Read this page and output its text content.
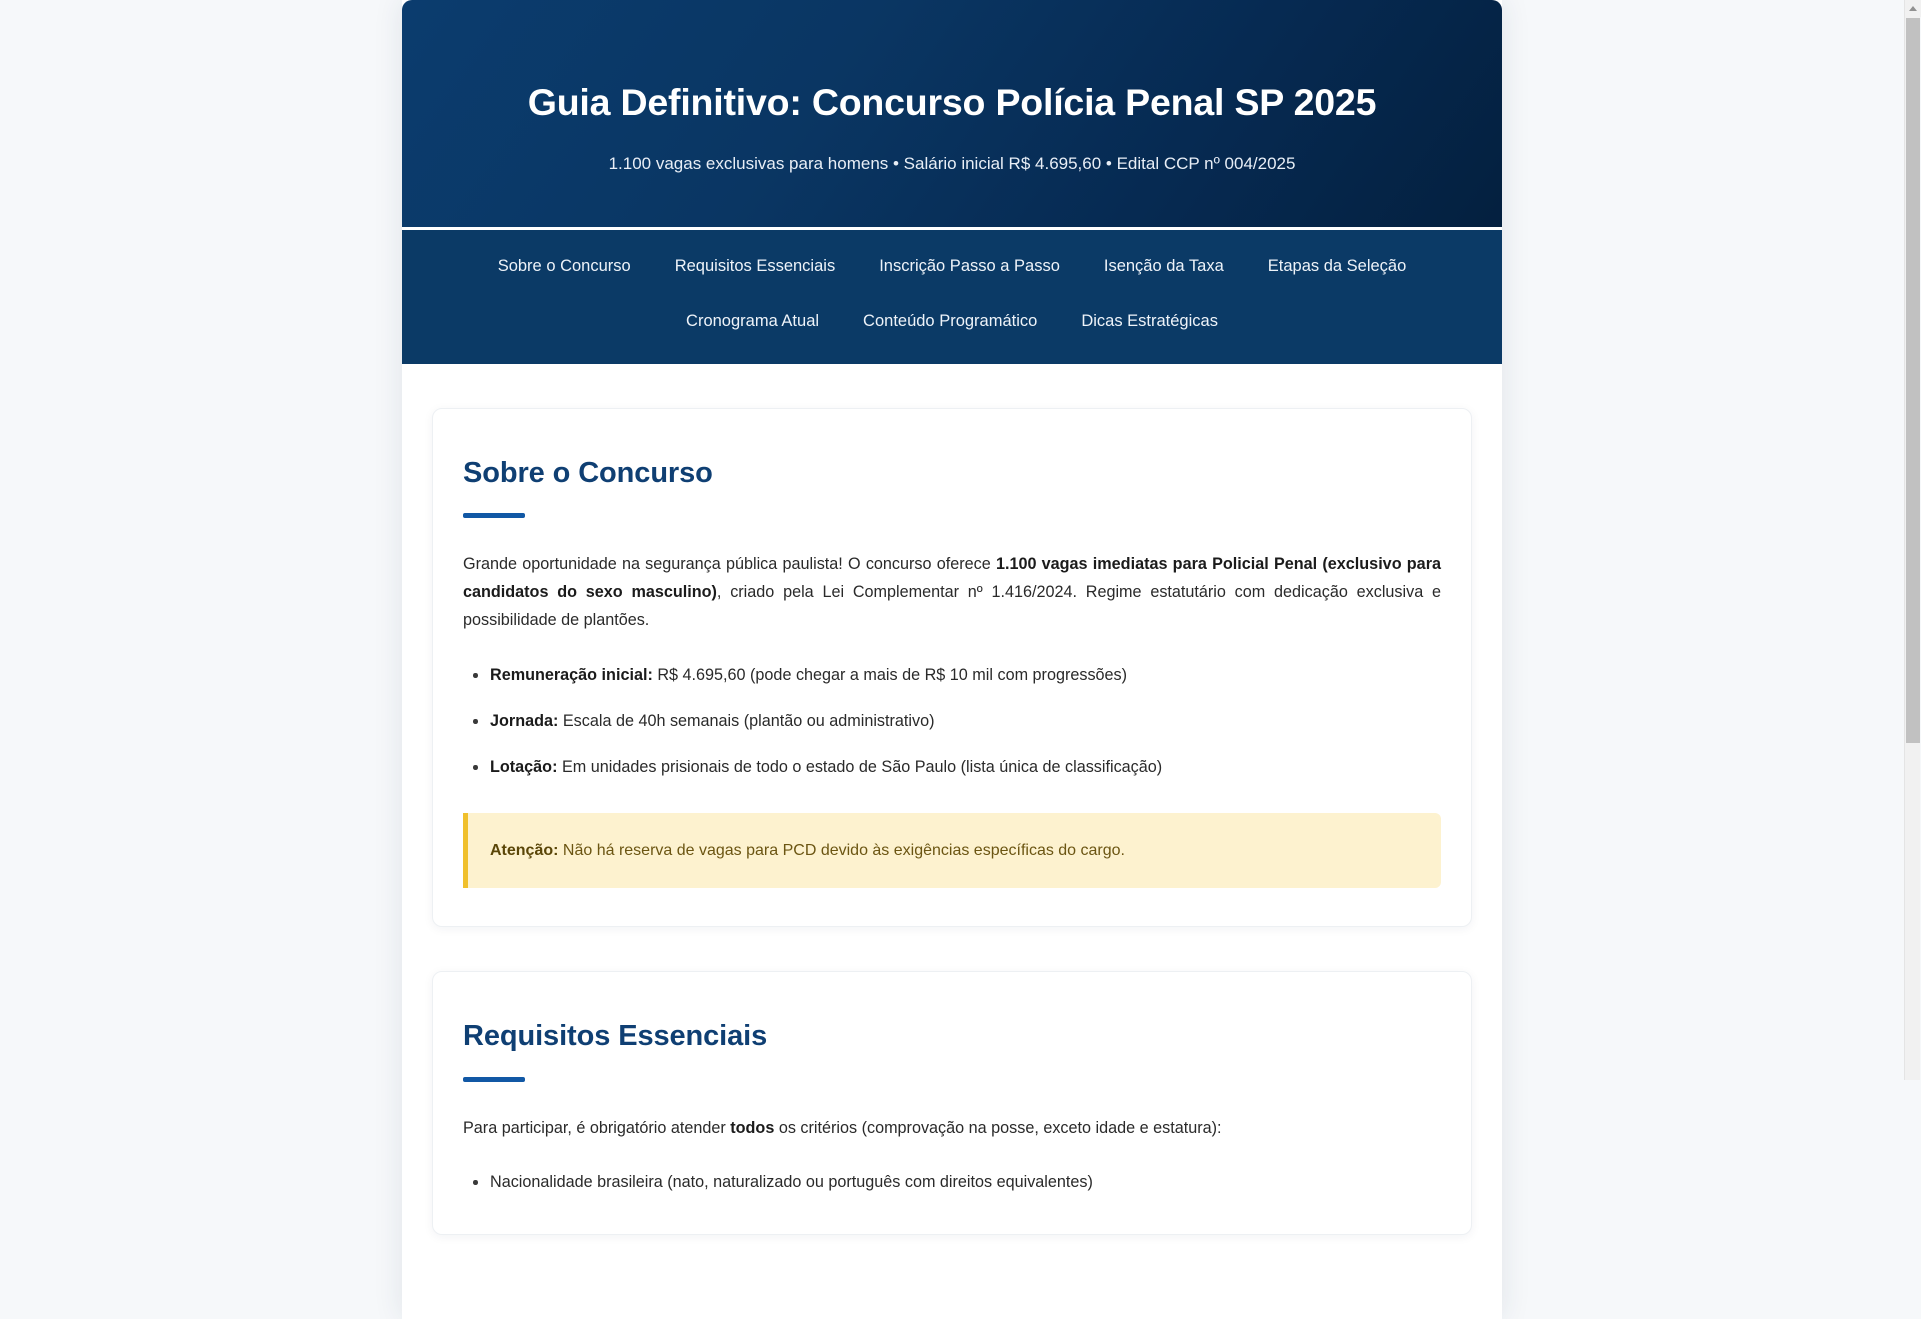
Guia Definitivo: Concurso Polícia Penal SP 2025

1.100 vagas exclusivas para homens • Salário inicial R$ 4.695,60 • Edital CCP nº 004/2025

Sobre o Concurso	Requisitos Essenciais	Inscrição Passo a Passo	Isenção da Taxa	Etapas da Seleção
Cronograma Atual	Conteúdo Programático	Dicas Estratégicas
Sobre o Concurso

Grande oportunidade na segurança pública paulista! O concurso oferece 1.100 vagas imediatas para Policial Penal (exclusivo para candidatos do sexo masculino), criado pela Lei Complementar nº 1.416/2024. Regime estatutário com dedicação exclusiva e possibilidade de plantões.

Remuneração inicial: R$ 4.695,60 (pode chegar a mais de R$ 10 mil com progressões)
Jornada: Escala de 40h semanais (plantão ou administrativo)
Lotação: Em unidades prisionais de todo o estado de São Paulo (lista única de classificação)
Atenção: Não há reserva de vagas para PCD devido às exigências específicas do cargo.
Requisitos Essenciais

Para participar, é obrigatório atender todos os critérios (comprovação na posse, exceto idade e estatura):

Nacionalidade brasileira (nato, naturalizado ou português com direitos equivalentes)
